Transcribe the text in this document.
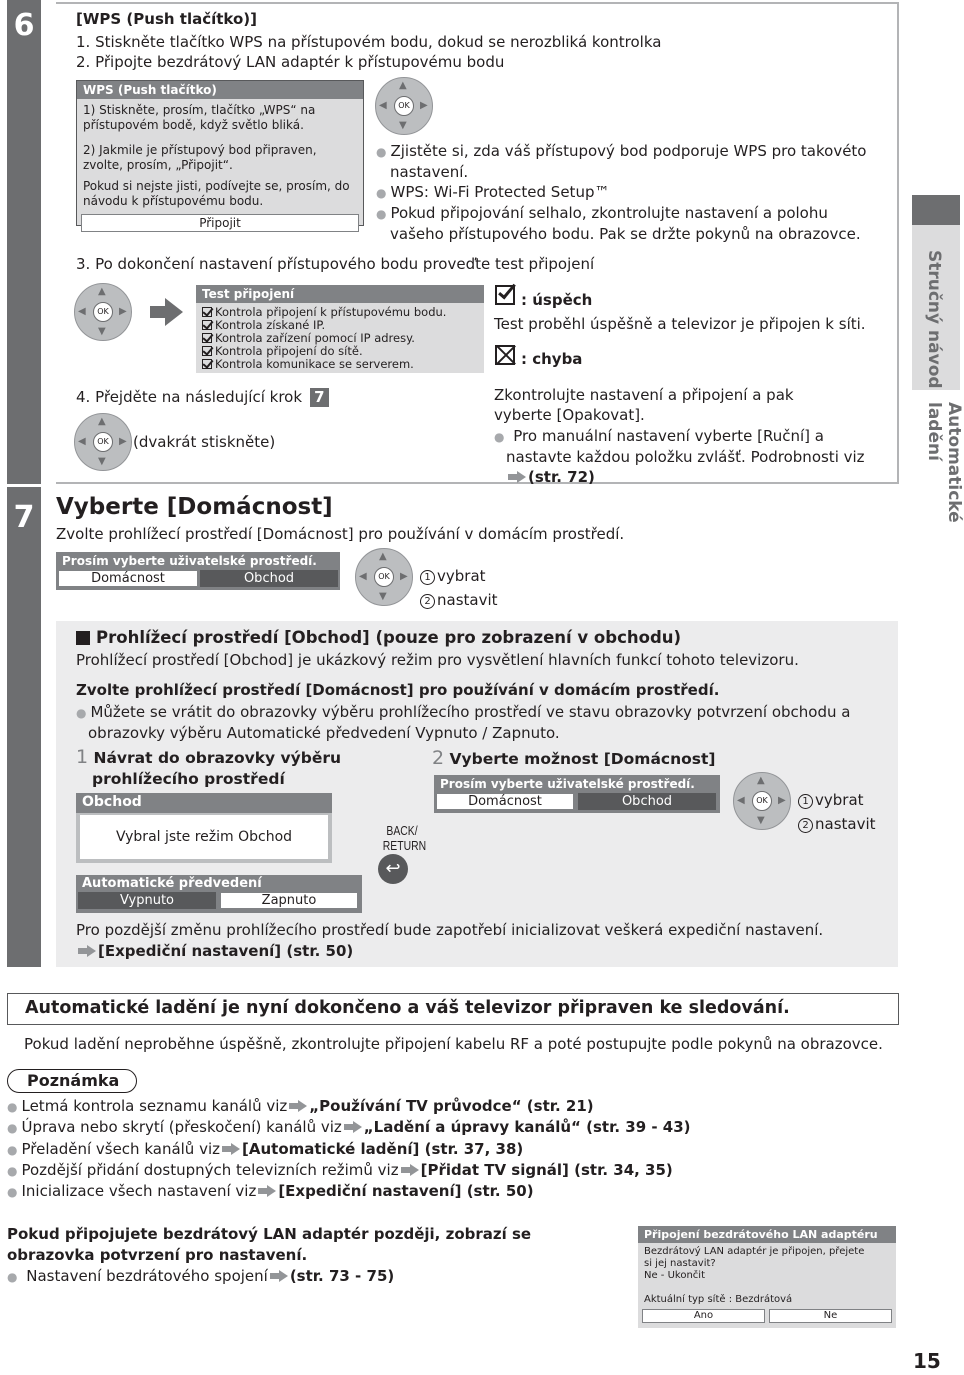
6
7
[WPS (Push tlačítko)]
1. Stiskněte tlačítko WPS na přístupovém bodu, dokud se nerozbliká kontrolka
2. Připojte bezdrátový LAN adaptér k přístupovému bodu
WPS (Push tlačítko)
1) Stiskněte, prosím, tlačítko „WPS“ na přístupovém bodě, když světlo bliká.
2) Jakmile je přístupový bod připraven, zvolte, prosím, „Připojit“.
Pokud si nejste jisti, podívejte se, prosím, do návodu k přístupovému bodu.
Připojit
▲
▼
◀	▶
OK
● Zjistěte si, zda váš přístupový bod podporuje WPS pro takovéto nastavení.
● WPS: Wi-Fi Protected Setup™
● Pokud připojování selhalo, zkontrolujte nastavení a polohu vašeho přístupového bodu. Pak se držte pokynů na obrazovce.
3. Po dokončení nastavení přístupového bodu proveďte test připojení
▲
▼
◀	▶
OK
Test připojení
Kontrola připojení k přístupovému bodu.
Kontrola získané IP.
Kontrola zařízení pomocí IP adresy.
Kontrola připojení do sítě.
Kontrola komunikace se serverem.
: úspěch
Test proběhl úspěšně a televizor je připojen k síti.
: chyba
Zkontrolujte nastavení a připojení a pak vyberte [Opakovat].
● Pro manuální nastavení vyberte [Ruční] a nastavte každou položku zvlášť. Podrobnosti viz(str. 72)
4. Přejděte na následující krok 7
▲
▼
◀	▶
OK (dvakrát stiskněte)
Vyberte [Domácnost]
Zvolte prohlížecí prostředí [Domácnost] pro používání v domácím prostředí.
Prosím vyberte uživatelské prostředí.
Domácnost	Obchod
▲
▼
◀	▶
OK	1 vybrat
2 nastavit
Prohlížecí prostředí [Obchod] (pouze pro zobrazení v obchodu)
Prohlížecí prostředí [Obchod] je ukázkový režim pro vysvětlení hlavních funkcí tohoto televizoru.
Zvolte prohlížecí prostředí [Domácnost] pro používání v domácím prostředí.
● Můžete se vrátit do obrazovky výběru prohlížecího prostředí ve stavu obrazovky potvrzení obchodu a obrazovky výběru Automatické předvedení Vypnuto / Zapnuto.
1 Návrat do obrazovky výběru prohlížecího prostředí
2 Vyberte možnost [Domácnost]
Obchod
Vybral jste režim Obchod
Automatické předvedení
Vypnuto	Zapnuto
BACK/
RETURN
↩
Prosím vyberte uživatelské prostředí.
Domácnost	Obchod
▲
▼
◀	▶
OK	1 vybrat
2 nastavit
Pro pozdější změnu prohlížecího prostředí bude zapotřebí inicializovat veškerá expediční nastavení.
[Expediční nastavení] (str. 50)
Automatické ladění je nyní dokončeno a váš televizor připraven ke sledování.
Pokud ladění neproběhne úspěšně, zkontrolujte připojení kabelu RF a poté postupujte podle pokynů na obrazovce.
Poznámka
● Letmá kontrola seznamu kanálů viz „Používání TV průvodce“ (str. 21)
● Úprava nebo skrytí (přeskočení) kanálů viz „Ladění a úpravy kanálů“ (str. 39 - 43)
● Přeladění všech kanálů viz [Automatické ladění] (str. 37, 38)
● Pozdější přidání dostupných televizních režimů viz [Přidat TV signál] (str. 34, 35)
● Inicializace všech nastavení viz [Expediční nastavení] (str. 50)
Pokud připojujete bezdrátový LAN adaptér později, zobrazí se obrazovka potvrzení pro nastavení.
● Nastavení bezdrátového spojení (str. 73 - 75)
Připojení bezdrátového LAN adaptéru
Bezdrátový LAN adaptér je připojen, přejete si jej nastavit?
Ne - Ukončit
Aktuální typ sítě : Bezdrátová
Ano	Ne
Stručný návod
Automatické ladění
15
